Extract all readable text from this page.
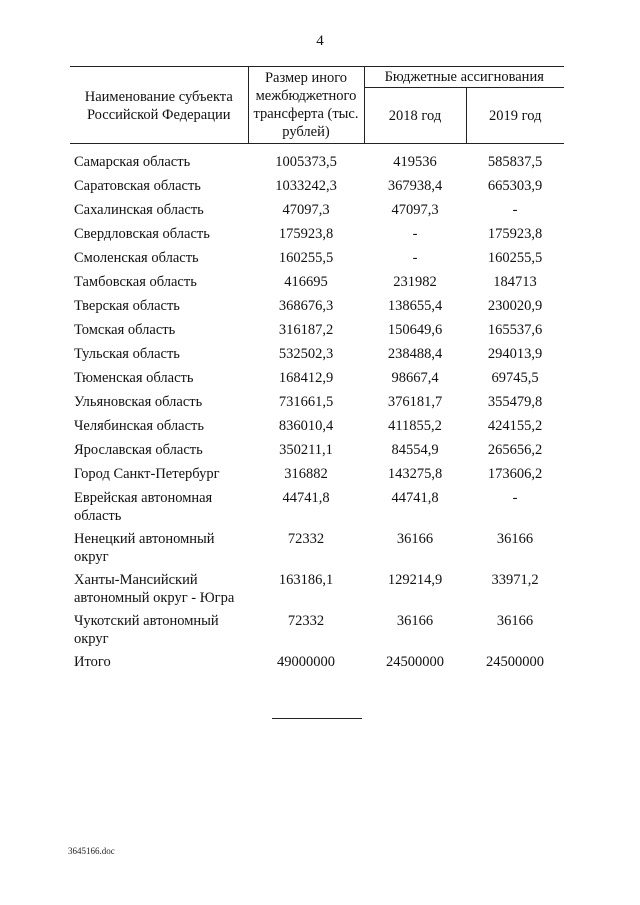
4
Наименование субъекта Российской Федерации	Размер иного межбюджетного трансферта (тыс. рублей)	Бюджетные ассигнования	
		2018 год	2019 год

Самарская область	1005373,5	419536	585837,5
Саратовская область	1033242,3	367938,4	665303,9
Сахалинская область	47097,3	47097,3	-
Свердловская область	175923,8	-	175923,8
Смоленская область	160255,5	-	160255,5
Тамбовская область	416695	231982	184713
Тверская область	368676,3	138655,4	230020,9
Томская область	316187,2	150649,6	165537,6
Тульская область	532502,3	238488,4	294013,9
Тюменская область	168412,9	98667,4	69745,5
Ульяновская область	731661,5	376181,7	355479,8
Челябинская область	836010,4	411855,2	424155,2
Ярославская область	350211,1	84554,9	265656,2
Город Санкт-Петербург	316882	143275,8	173606,2
Еврейская автономная область	44741,8	44741,8	-
Ненецкий автономный округ	72332	36166	36166
Ханты-Мансийский автономный округ - Югра	163186,1	129214,9	33971,2
Чукотский автономный округ	72332	36166	36166
Итого	49000000	24500000	24500000
3645166.doc
